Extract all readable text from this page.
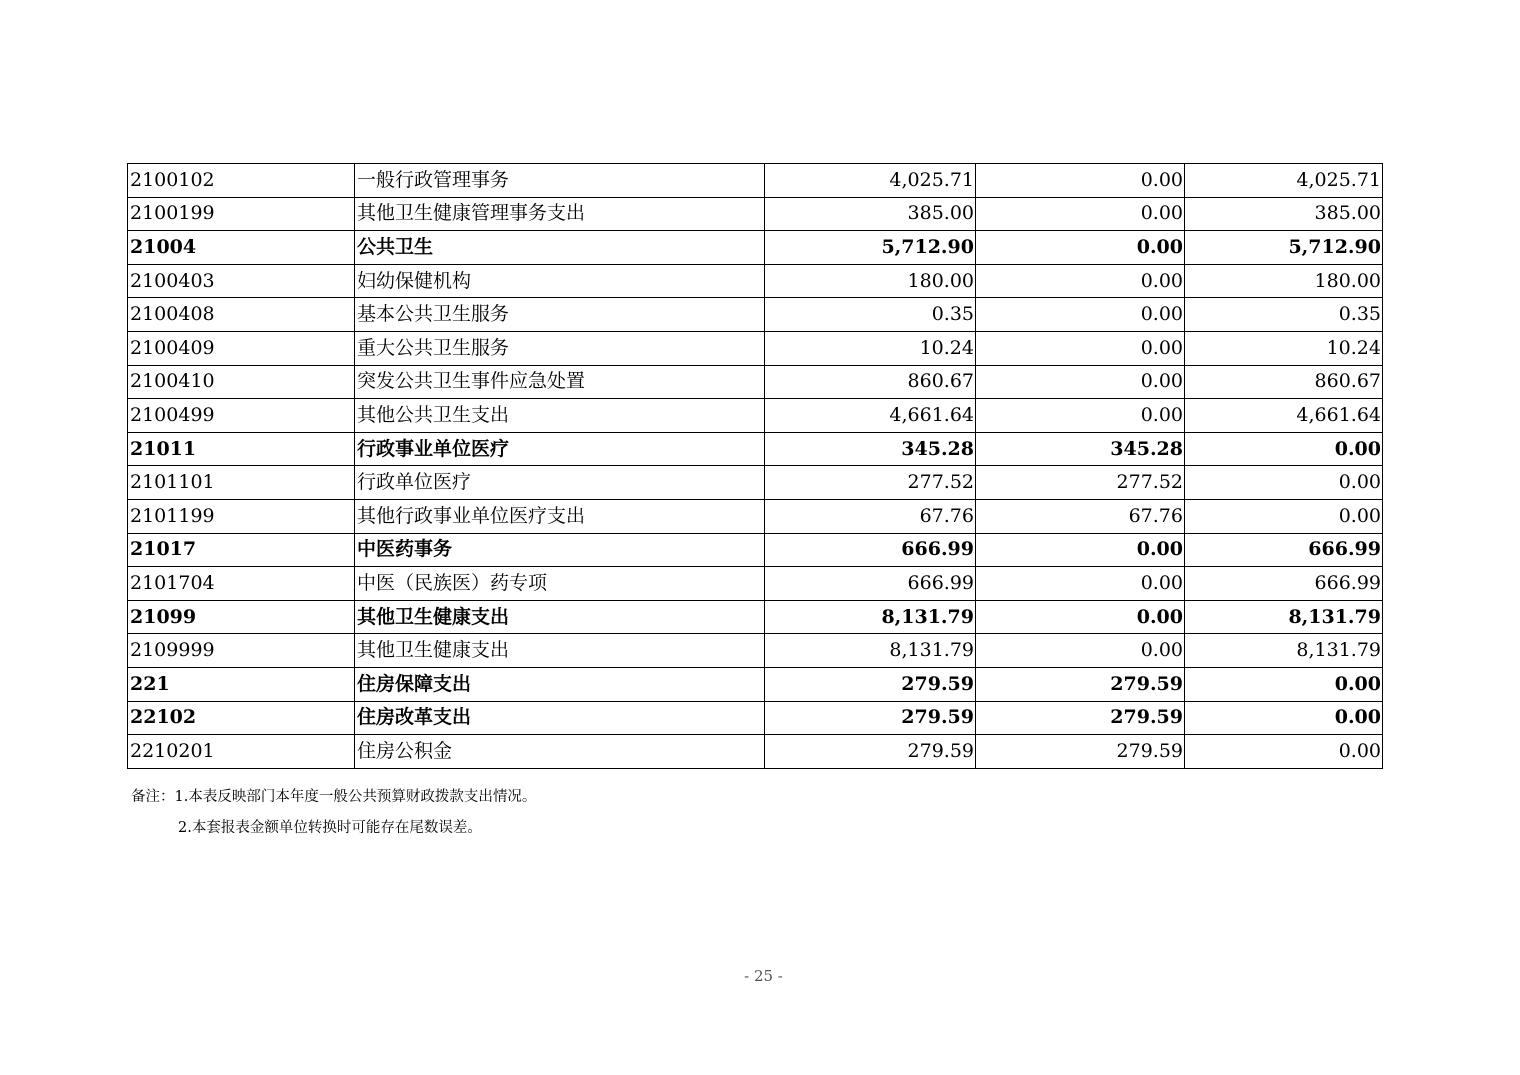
2100102	一般行政管理事务	4,025.71	0.00	4,025.71
2100199	其他卫生健康管理事务支出	385.00	0.00	385.00
21004	公共卫生	5,712.90	0.00	5,712.90
2100403	妇幼保健机构	180.00	0.00	180.00
2100408	基本公共卫生服务	0.35	0.00	0.35
2100409	重大公共卫生服务	10.24	0.00	10.24
2100410	突发公共卫生事件应急处置	860.67	0.00	860.67
2100499	其他公共卫生支出	4,661.64	0.00	4,661.64
21011	行政事业单位医疗	345.28	345.28	0.00
2101101	行政单位医疗	277.52	277.52	0.00
2101199	其他行政事业单位医疗支出	67.76	67.76	0.00
21017	中医药事务	666.99	0.00	666.99
2101704	中医（民族医）药专项	666.99	0.00	666.99
21099	其他卫生健康支出	8,131.79	0.00	8,131.79
2109999	其他卫生健康支出	8,131.79	0.00	8,131.79
221	住房保障支出	279.59	279.59	0.00
22102	住房改革支出	279.59	279.59	0.00
2210201	住房公积金	279.59	279.59	0.00
备注：1.本表反映部门本年度一般公共预算财政拨款支出情况。
2.本套报表金额单位转换时可能存在尾数误差。
- 25 -
